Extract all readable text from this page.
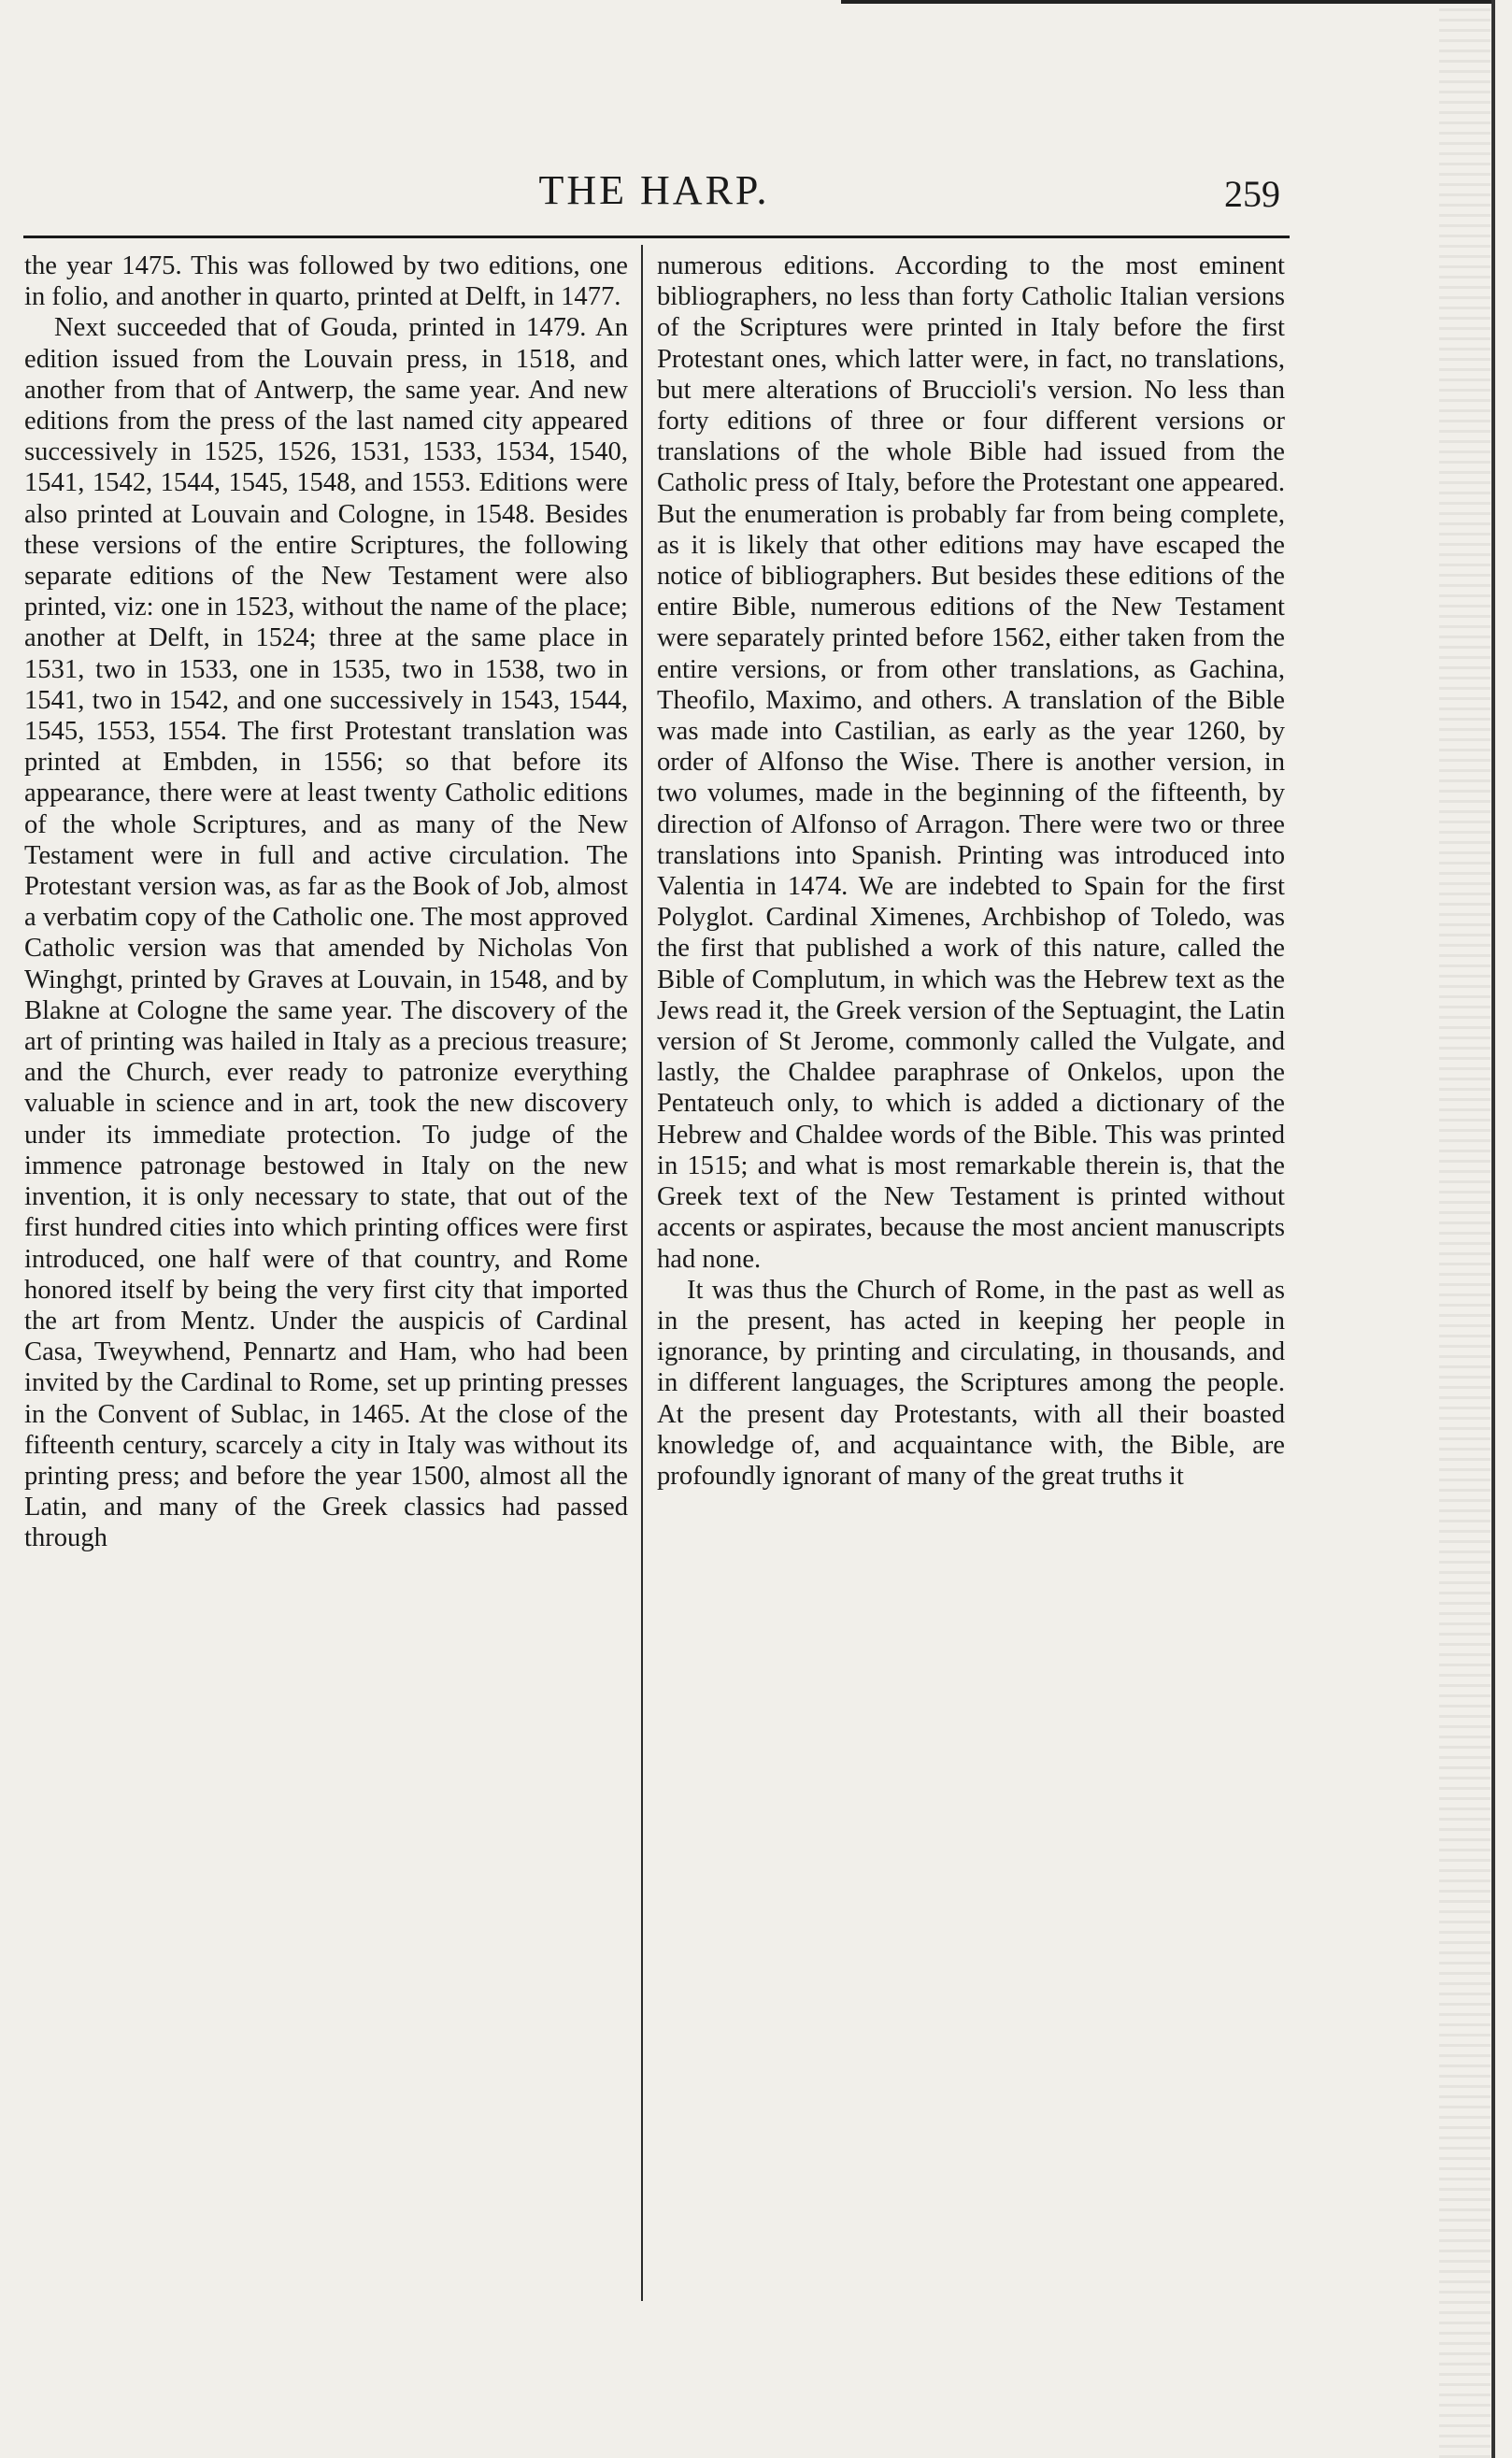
THE HARP.	259

the year 1475. This was followed by two editions, one in folio, and another in quarto, printed at Delft, in 1477.

Next succeeded that of Gouda, printed in 1479. An edition issued from the Louvain press, in 1518, and another from that of Antwerp, the same year. And new editions from the press of the last named city appeared successively in 1525, 1526, 1531, 1533, 1534, 1540, 1541, 1542, 1544, 1545, 1548, and 1553. Editions were also printed at Louvain and Cologne, in 1548. Besides these versions of the entire Scriptures, the following separate editions of the New Testament were also printed, viz: one in 1523, without the name of the place; another at Delft, in 1524; three at the same place in 1531, two in 1533, one in 1535, two in 1538, two in 1541, two in 1542, and one successively in 1543, 1544, 1545, 1553, 1554. The first Protestant translation was printed at Embden, in 1556; so that before its appearance, there were at least twenty Catholic editions of the whole Scriptures, and as many of the New Testament were in full and active circulation. The Protestant version was, as far as the Book of Job, almost a verbatim copy of the Catholic one. The most approved Catholic version was that amended by Nicholas Von Winghgt, printed by Graves at Louvain, in 1548, and by Blakne at Cologne the same year. The discovery of the art of printing was hailed in Italy as a precious treasure; and the Church, ever ready to patronize everything valuable in science and in art, took the new discovery under its immediate protection. To judge of the immence patronage bestowed in Italy on the new invention, it is only necessary to state, that out of the first hundred cities into which printing offices were first introduced, one half were of that country, and Rome honored itself by being the very first city that imported the art from Mentz. Under the auspicis of Cardinal Casa, Tweywhend, Pennartz and Ham, who had been invited by the Cardinal to Rome, set up printing presses in the Convent of Sublac, in 1465. At the close of the fifteenth century, scarcely a city in Italy was without its printing press; and before the year 1500, almost all the Latin, and many of the Greek classics had passed through

numerous editions. According to the most eminent bibliographers, no less than forty Catholic Italian versions of the Scriptures were printed in Italy before the first Protestant ones, which latter were, in fact, no translations, but mere alterations of Bruccioli's version. No less than forty editions of three or four different versions or translations of the whole Bible had issued from the Catholic press of Italy, before the Protestant one appeared. But the enumeration is probably far from being complete, as it is likely that other editions may have escaped the notice of bibliographers. But besides these editions of the entire Bible, numerous editions of the New Testament were separately printed before 1562, either taken from the entire versions, or from other translations, as Gachina, Theofilo, Maximo, and others. A translation of the Bible was made into Castilian, as early as the year 1260, by order of Alfonso the Wise. There is another version, in two volumes, made in the beginning of the fifteenth, by direction of Alfonso of Arragon. There were two or three translations into Spanish. Printing was introduced into Valentia in 1474. We are indebted to Spain for the first Polyglot. Cardinal Ximenes, Archbishop of Toledo, was the first that published a work of this nature, called the Bible of Complutum, in which was the Hebrew text as the Jews read it, the Greek version of the Septuagint, the Latin version of St Jerome, commonly called the Vulgate, and lastly, the Chaldee paraphrase of Onkelos, upon the Pentateuch only, to which is added a dictionary of the Hebrew and Chaldee words of the Bible. This was printed in 1515; and what is most remarkable therein is, that the Greek text of the New Testament is printed without accents or aspirates, because the most ancient manuscripts had none.

It was thus the Church of Rome, in the past as well as in the present, has acted in keeping her people in ignorance, by printing and circulating, in thousands, and in different languages, the Scriptures among the people. At the present day Protestants, with all their boasted knowledge of, and acquaintance with, the Bible, are profoundly ignorant of many of the great truths it
